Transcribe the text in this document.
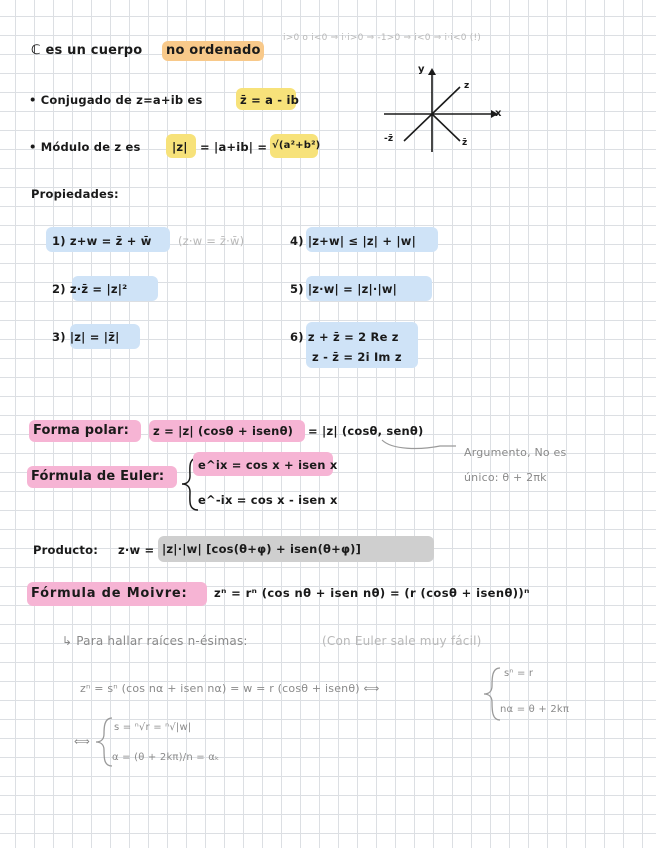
ℂ es un cuerpo no ordenado
i>0 o i<0 ⇒ i·i>0 ⇒ -1>0 ⇒ i<0 ⇒ i·i<0 (!)
• Conjugado de z=a+ib es	z̄ = a - ib
• Módulo de z es	|z| = |a+ib| = √(a²+b²)
y
x
z
-z̄	z̄
Propiedades:
1) z+w = z̄ + w̄ (z·w = z̄·w̄)	4) |z+w| ≤ |z| + |w|
2) z·z̄ = |z|²	5) |z·w| = |z|·|w|
3) |z| = |z̄|	6) z + z̄ = 2 Re z
z - z̄ = 2i Im z
Forma polar: z = |z| (cosθ + isenθ) = |z| (cosθ, senθ)
Argumento, No es
único: θ + 2πk
Fórmula de Euler:
e^ix = cos x + isen x
e^-ix = cos x - isen x
Producto: z·w = |z|·|w| [cos(θ+φ) + isen(θ+φ)]
Fórmula de Moivre: zⁿ = rⁿ (cos nθ + isen nθ) = (r (cosθ + isenθ))ⁿ
↳ Para hallar raíces n-ésimas:	(Con Euler sale muy fácil)
zⁿ = sⁿ (cos nα + isen nα) = w = r (cosθ + isenθ) ⟺
sⁿ = r
nα = θ + 2kπ
⟺
s = ⁿ√r = ⁿ√|w|
α = (θ + 2kπ)/n = αₖ
